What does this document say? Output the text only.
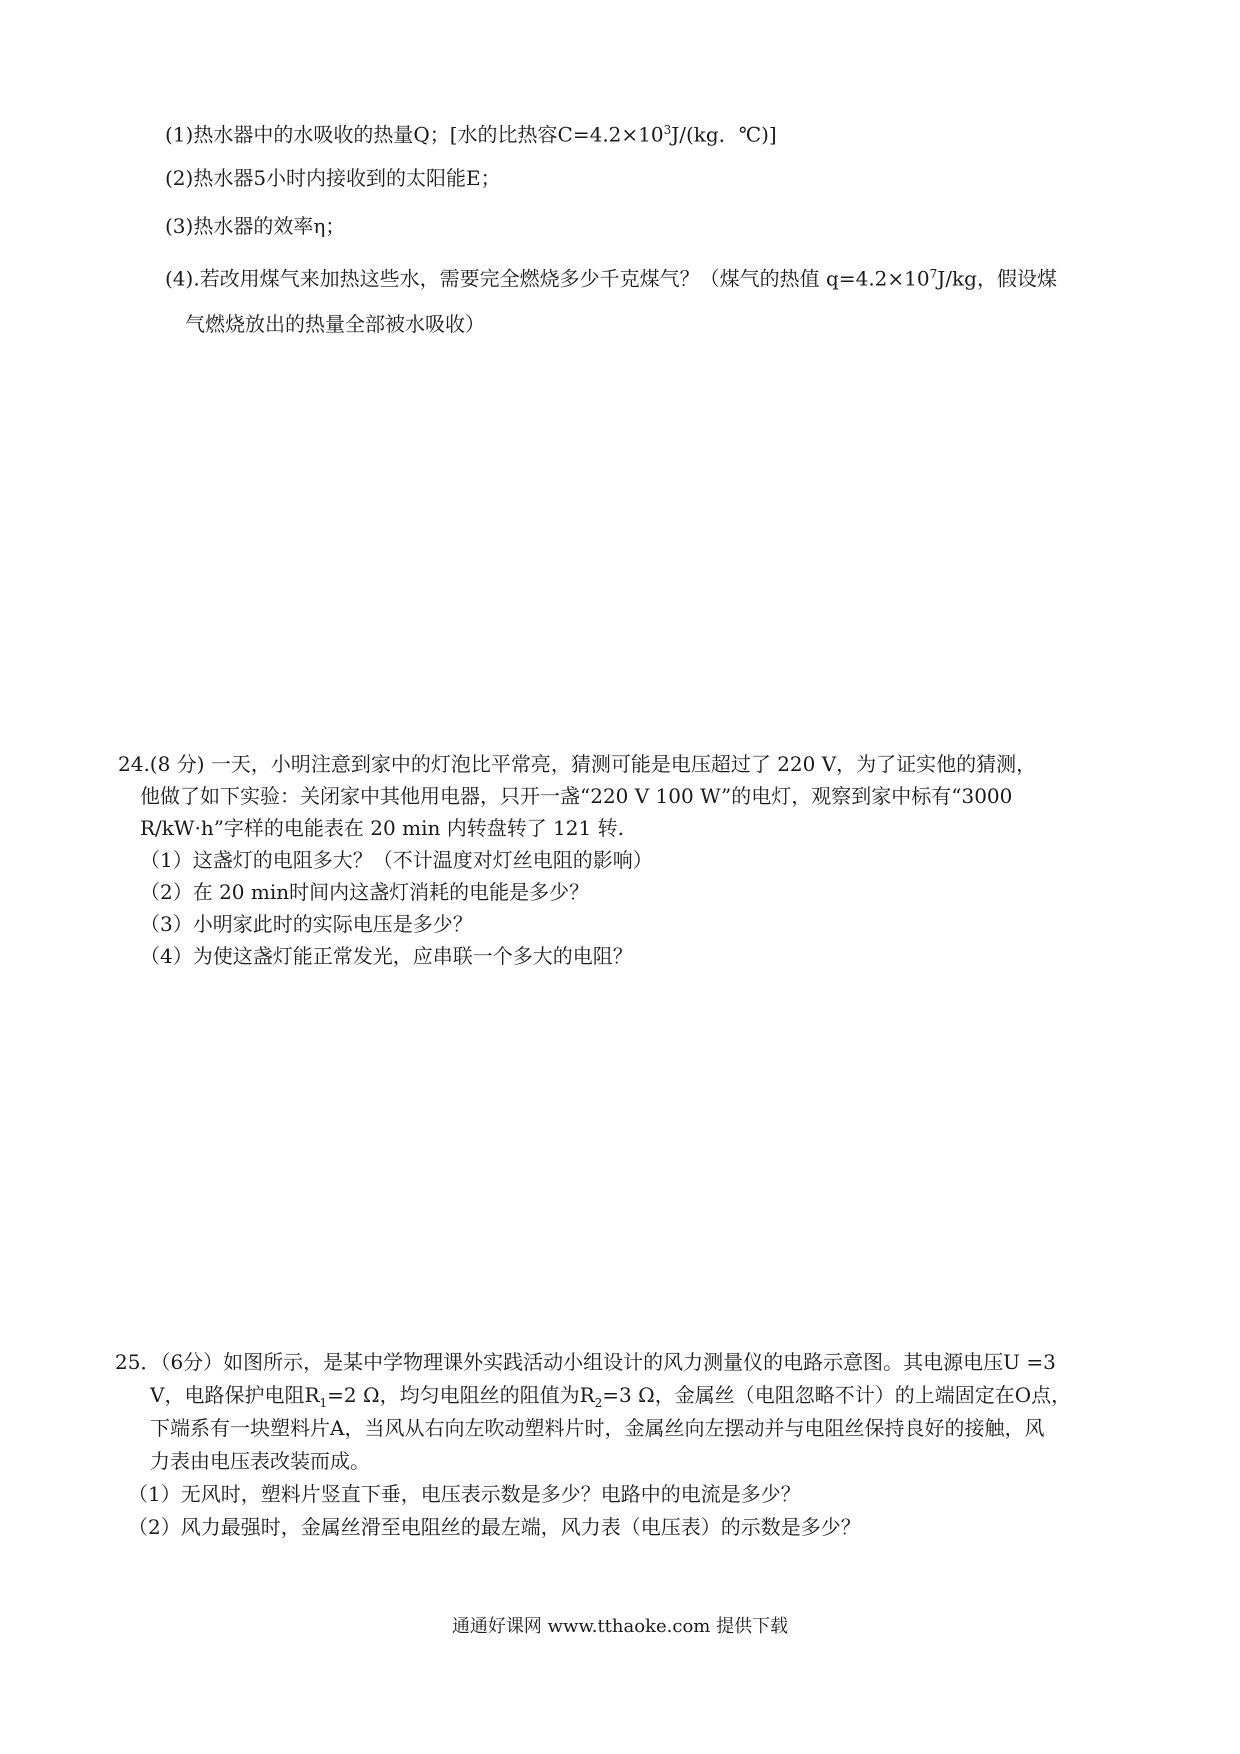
(1)热水器中的水吸收的热量Q；[水的比热容$C=4.2\times 10^3J/(kg$．℃)]
(2)热水器5小时内接收到的太阳能E；
(3)热水器的效率η；
(4).若改用煤气来加热这些水，需要完全燃烧多少千克煤气？（煤气的热值 $q=4.2\times 10^7J/kg$，假设煤
气燃烧放出的热量全部被水吸收）
24.(8 分) 一天，小明注意到家中的灯泡比平常亮，猜测可能是电压超过了 220 V，为了证实他的猜测，
他做了如下实验：关闭家中其他用电器，只开一盏“220 V 100 W”的电灯，观察到家中标有“3000
R/kW·h”字样的电能表在 20 min 内转盘转了 121 转.
（1）这盏灯的电阻多大？（不计温度对灯丝电阻的影响）
（2）在 20 min时间内这盏灯消耗的电能是多少？
（3）小明家此时的实际电压是多少？
（4）为使这盏灯能正常发光，应串联一个多大的电阻？
25．（6分）如图所示，是某中学物理课外实践活动小组设计的风力测量仪的电路示意图。其电源电压U =3
V，电路保护电阻$R_1=2$ Ω，均匀电阻丝的阻值为$R_2=3$ Ω，金属丝（电阻忽略不计）的上端固定在O点，
下端系有一块塑料片A，当风从右向左吹动塑料片时，金属丝向左摆动并与电阻丝保持良好的接触，风
力表由电压表改装而成。
（1）无风时，塑料片竖直下垂，电压表示数是多少？电路中的电流是多少？
（2）风力最强时，金属丝滑至电阻丝的最左端，风力表（电压表）的示数是多少？
通通好课网 www.tthaoke.com 提供下载
